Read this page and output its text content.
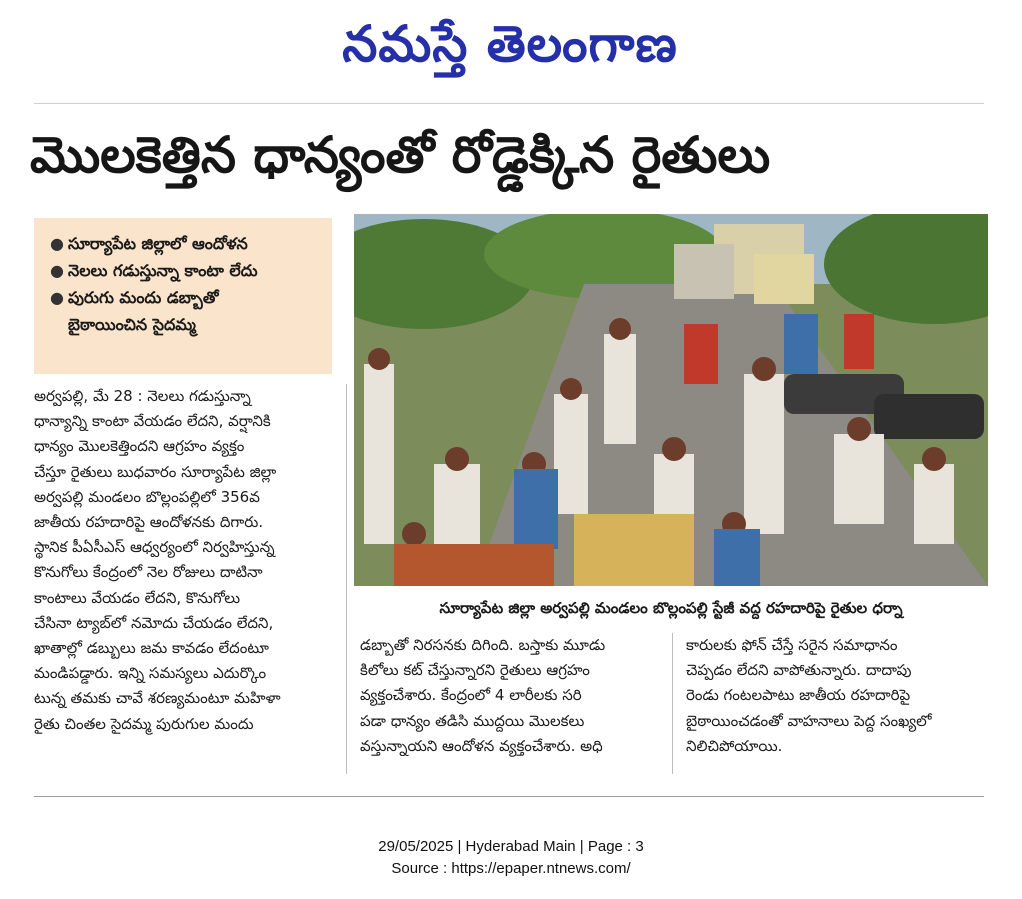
నమస్తే తెలంగాణ
మొలకెత్తిన ధాన్యంతో రోడ్డెక్కిన రైతులు
● సూర్యాపేట జిల్లాలో ఆందోళన
● నెలలు గడుస్తున్నా కాంటా లేదు
● పురుగు మందు డబ్బాతో
బైఠాయించిన సైదమ్మ
సూర్యాపేట జిల్లా అర్వపల్లి మండలం బొల్లంపల్లి స్టేజీ వద్ద రహదారిపై రైతుల ధర్నా
అర్వపల్లి, మే 28 : నెలలు గడుస్తున్నా
ధాన్యాన్ని కాంటా వేయడం లేదని, వర్షానికి
ధాన్యం మొలకెత్తిందని ఆగ్రహం వ్యక్తం
చేస్తూ రైతులు బుధవారం సూర్యాపేట జిల్లా
అర్వపల్లి మండలం బొల్లంపల్లిలో 356వ
జాతీయ రహదారిపై ఆందోళనకు దిగారు.
స్థానిక పీఏసీఎస్ ఆధ్వర్యంలో నిర్వహిస్తున్న
కొనుగోలు కేంద్రంలో నెల రోజులు దాటినా
కాంటాలు వేయడం లేదని, కొనుగోలు
చేసినా ట్యాబ్‌లో నమోదు చేయడం లేదని,
ఖాతాల్లో డబ్బులు జమ కావడం లేదంటూ
మండిపడ్డారు. ఇన్ని సమస్యలు ఎదుర్కొం
టున్న తమకు చావే శరణ్యమంటూ మహిళా
రైతు చింతల సైదమ్మ పురుగుల మందు
డబ్బాతో నిరసనకు దిగింది. బస్తాకు మూడు
కిలోలు కట్ చేస్తున్నారని రైతులు ఆగ్రహం
వ్యక్తంచేశారు. కేంద్రంలో 4 లారీలకు సరి
పడా ధాన్యం తడిసి ముద్దయి మొలకలు
వస్తున్నాయని ఆందోళన వ్యక్తంచేశారు. అధి
కారులకు ఫోన్ చేస్తే సరైన సమాధానం
చెప్పడం లేదని వాపోతున్నారు. దాదాపు
రెండు గంటలపాటు జాతీయ రహదారిపై
బైఠాయించడంతో వాహనాలు పెద్ద సంఖ్యలో
నిలిచిపోయాయి.
29/05/2025 | Hyderabad Main | Page : 3
Source : https://epaper.ntnews.com/
